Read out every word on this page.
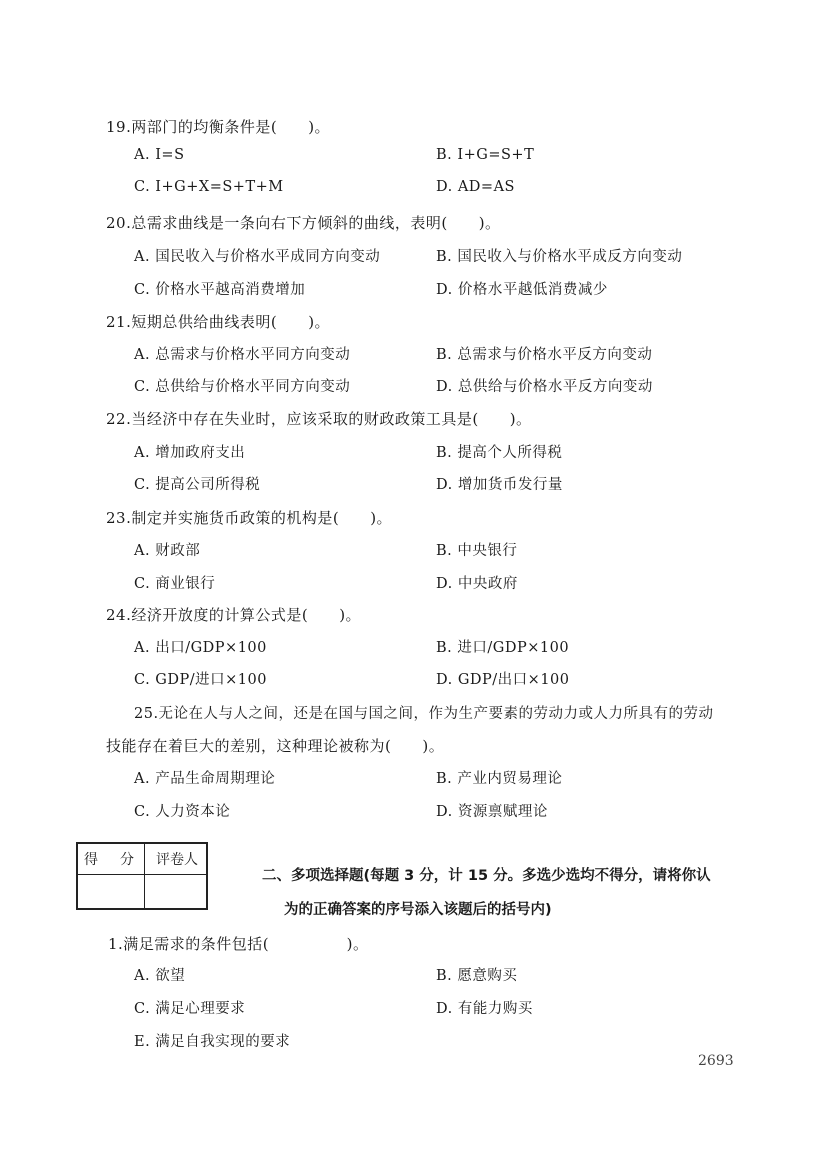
19.两部门的均衡条件是(　　)。
A. I=S	B. I+G=S+T
C. I+G+X=S+T+M	D. AD=AS
20.总需求曲线是一条向右下方倾斜的曲线，表明(　　)。
A. 国民收入与价格水平成同方向变动	B. 国民收入与价格水平成反方向变动
C. 价格水平越高消费增加	D. 价格水平越低消费减少
21.短期总供给曲线表明(　　)。
A. 总需求与价格水平同方向变动	B. 总需求与价格水平反方向变动
C. 总供给与价格水平同方向变动	D. 总供给与价格水平反方向变动
22.当经济中存在失业时，应该采取的财政政策工具是(　　)。
A. 增加政府支出	B. 提高个人所得税
C. 提高公司所得税	D. 增加货币发行量
23.制定并实施货币政策的机构是(　　)。
A. 财政部	B. 中央银行
C. 商业银行	D. 中央政府
24.经济开放度的计算公式是(　　)。
A. 出口/GDP×100	B. 进口/GDP×100
C. GDP/进口×100	D. GDP/出口×100
25.无论在人与人之间，还是在国与国之间，作为生产要素的劳动力或人力所具有的劳动
技能存在着巨大的差别，这种理论被称为(　　)。
A. 产品生命周期理论	B. 产业内贸易理论
C. 人力资本论	D. 资源禀赋理论
得　分	评卷人
二、多项选择题(每题 3 分，计 15 分。多选少选均不得分，请将你认
为的正确答案的序号添入该题后的括号内)
1.满足需求的条件包括(　　　　　)。
A. 欲望	B. 愿意购买
C. 满足心理要求	D. 有能力购买
E. 满足自我实现的要求
2693
